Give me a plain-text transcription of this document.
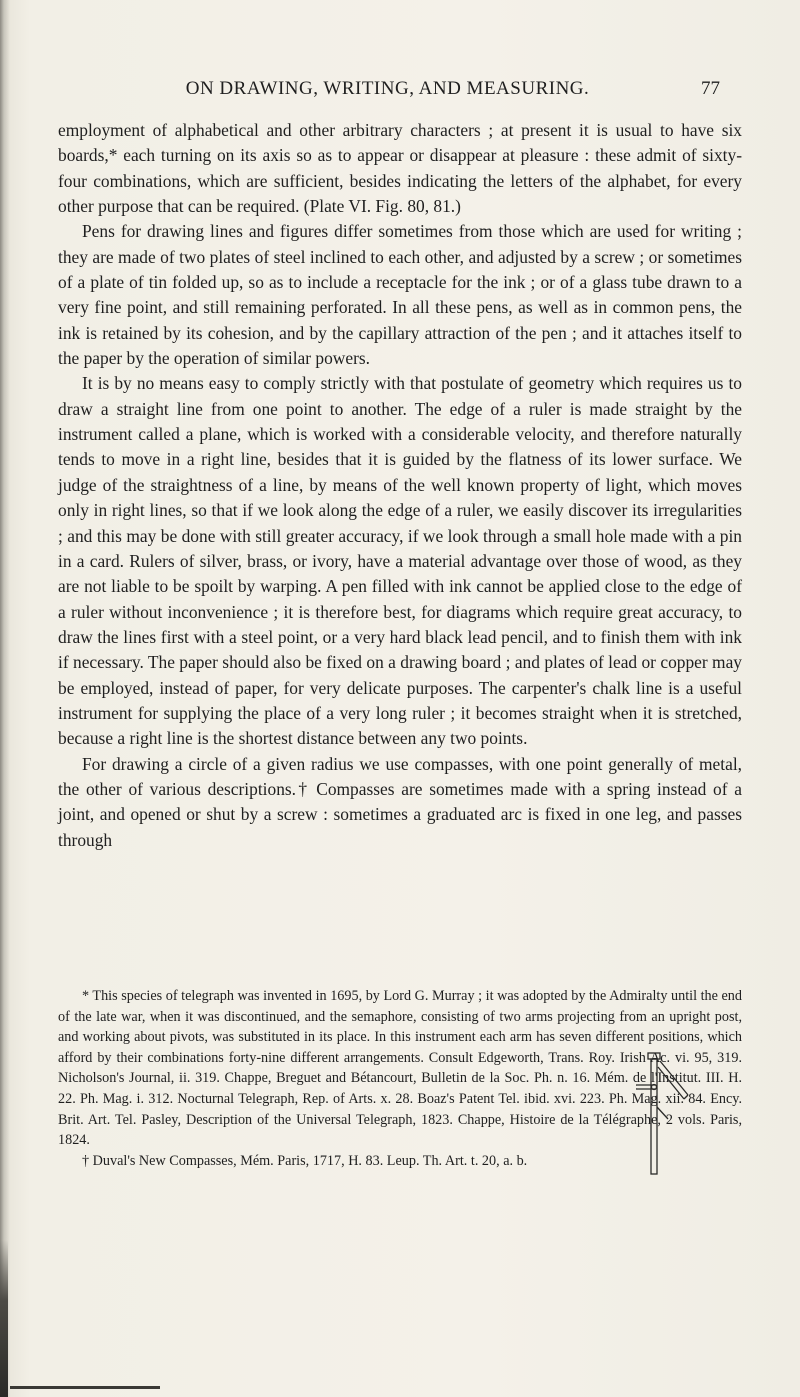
ON DRAWING, WRITING, AND MEASURING.	77

employment of alphabetical and other arbitrary characters ; at present it is usual to have six boards,* each turning on its axis so as to appear or disappear at pleasure : these admit of sixty-four combinations, which are sufficient, besides indicating the letters of the alphabet, for every other purpose that can be required. (Plate VI. Fig. 80, 81.)

Pens for drawing lines and figures differ sometimes from those which are used for writing ; they are made of two plates of steel inclined to each other, and adjusted by a screw ; or sometimes of a plate of tin folded up, so as to include a receptacle for the ink ; or of a glass tube drawn to a very fine point, and still remaining perforated. In all these pens, as well as in common pens, the ink is retained by its cohesion, and by the capillary attraction of the pen ; and it attaches itself to the paper by the operation of similar powers.

It is by no means easy to comply strictly with that postulate of geometry which requires us to draw a straight line from one point to another. The edge of a ruler is made straight by the instrument called a plane, which is worked with a considerable velocity, and therefore naturally tends to move in a right line, besides that it is guided by the flatness of its lower surface. We judge of the straightness of a line, by means of the well known property of light, which moves only in right lines, so that if we look along the edge of a ruler, we easily discover its irregularities ; and this may be done with still greater accuracy, if we look through a small hole made with a pin in a card. Rulers of silver, brass, or ivory, have a material advantage over those of wood, as they are not liable to be spoilt by warping. A pen filled with ink cannot be applied close to the edge of a ruler without inconvenience ; it is therefore best, for diagrams which require great accuracy, to draw the lines first with a steel point, or a very hard black lead pencil, and to finish them with ink if necessary. The paper should also be fixed on a drawing board ; and plates of lead or copper may be employed, instead of paper, for very delicate purposes. The carpenter's chalk line is a useful instrument for supplying the place of a very long ruler ; it becomes straight when it is stretched, because a right line is the shortest distance between any two points.

For drawing a circle of a given radius we use compasses, with one point generally of metal, the other of various descriptions.† Compasses are sometimes made with a spring instead of a joint, and opened or shut by a screw : sometimes a graduated arc is fixed in one leg, and passes through

* This species of telegraph was invented in 1695, by Lord G. Murray ; it was adopted by the Admiralty until the end of the late war, when it was discontinued, and the semaphore, consisting of two arms projecting from an upright post, and working about pivots, was substituted in its place. In this instrument each arm has seven different positions, which afford by their combinations forty-nine different arrangements. Consult Edgeworth, Trans. Roy. Irish Ac. vi. 95, 319. Nicholson's Journal, ii. 319. Chappe, Breguet and Bétancourt, Bulletin de la Soc. Ph. n. 16. Mém. de l'Institut. III. H. 22. Ph. Mag. i. 312. Nocturnal Telegraph, Rep. of Arts. x. 28. Boaz's Patent Tel. ibid. xvi. 223. Ph. Mag. xii. 84. Ency. Brit. Art. Tel. Pasley, Description of the Universal Telegraph, 1823. Chappe, Histoire de la Télégraphe, 2 vols. Paris, 1824.

† Duval's New Compasses, Mém. Paris, 1717, H. 83. Leup. Th. Art. t. 20, a. b.
